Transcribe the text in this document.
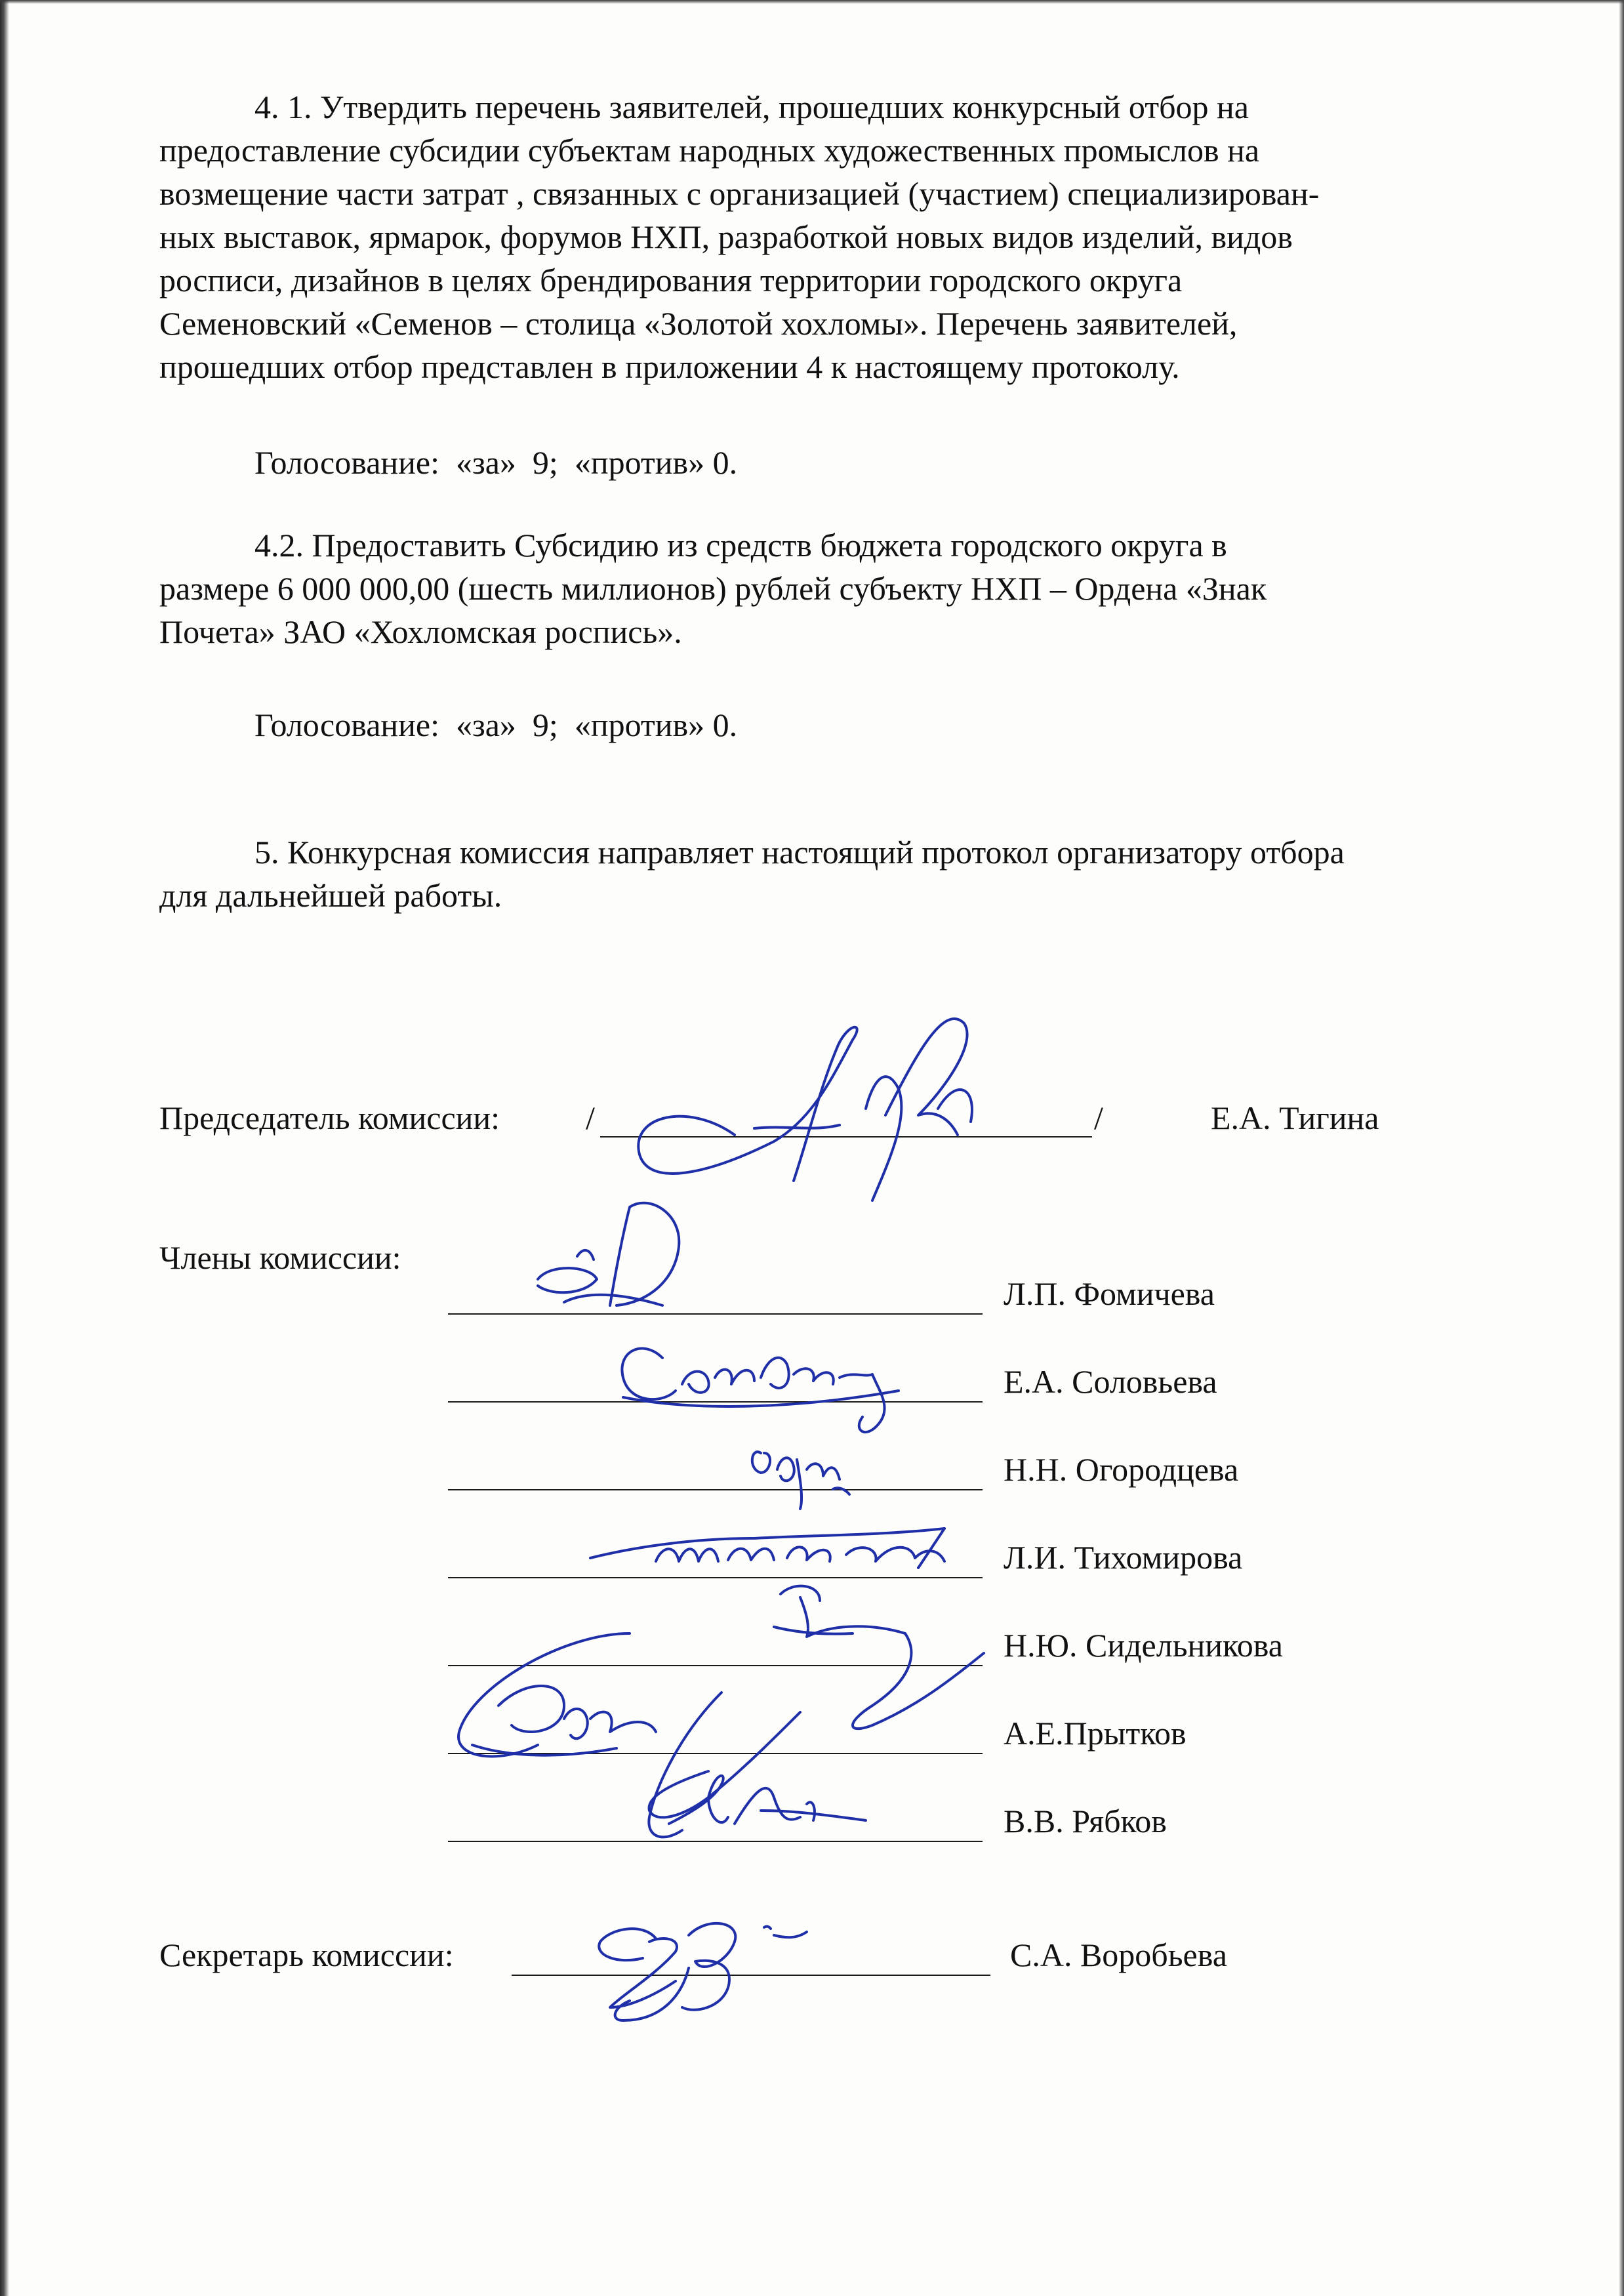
4. 1. Утвердить перечень заявителей, прошедших конкурсный отбор на
предоставление субсидии субъектам народных художественных промыслов на
возмещение части затрат , связанных с организацией (участием) специализирован-
ных выставок, ярмарок, форумов НХП, разработкой новых видов изделий, видов
росписи, дизайнов в целях брендирования территории городского округа
Семеновский «Семенов – столица «Золотой хохломы». Перечень заявителей,
прошедших отбор представлен в приложении 4 к настоящему протоколу.

Голосование:  «за»  9;  «против» 0.

4.2. Предоставить Субсидию из средств бюджета городского округа в
размере 6 000 000,00 (шесть миллионов) рублей субъекту НХП – Ордена «Знак
Почета» ЗАО «Хохломская роспись».

Голосование:  «за»  9;  «против» 0.

5. Конкурсная комиссия направляет настоящий протокол организатору отбора
для дальнейшей работы.

Председатель комиссии:	/	/	Е.А. Тигина
Члены комиссии:
Л.П. Фомичева
Е.А. Соловьева
Н.Н. Огородцева
Л.И. Тихомирова
Н.Ю. Сидельникова
А.Е.Прытков
В.В. Рябков
Секретарь комиссии:	С.А. Воробьева
